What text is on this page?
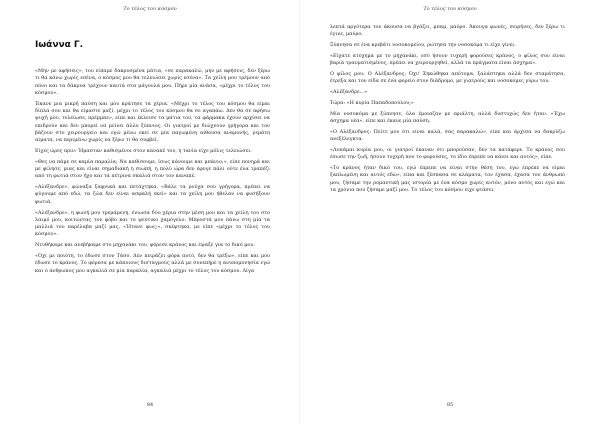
Το τέλος του κόσμου
Ιωάννα Γ.

«Μην με αφήσεις», του είπαμε δακρυσμένα μάτια, «σε παρακαλώ, μην με αφήσεις, δεν ξέρω τι θα κάνω χωρίς εσένα, ο κόσμος μου θα τελειώσει χωρίς εσένα». Τα χείλη μου τρέμουν από πόνο και τα δάκρυα τρέχουν καυτά στα μάγουλά μου. Πήρε μία ανάσα, «μέχρι το τέλος του κόσμου».

Έκανε μια μικρή παύση και μου κράτησε τα χέρια. «Μέχρι το τέλος του κόσμου θα είμαι δίπλα σου και θα είμαστε μαζί, μέχρι το τέλος του κόσμου θα σε αγαπάω. Δεν θα σε αφήσω ψυχή μου, τελείωσε, πρέμμπε», είπε και έκλεισε τα μάτια του, τα φάρμακα έχουν αρχίσει να επιδρούν και δεν μπορεί να μείνει άλλο ξύπνιος. Οι γιατροί με διώχνουν γρήγορα και τον βάζουν στο χειρουργείο και εγώ μένω εκεί σε μία παγωμένη αίθουσα αναμονής, γεμάτη αίματα, να περιμένω χωρίς να ξέρω τι θα συμβεί.

Είχες ώρες πριν: Ήμασταν καθισμένοι στον καναπέ του, η τανία είχε μόλις τελειώσει.

«Θες να πάμε σε καμία παραλία; Να καθίσουμε, ίσως κάνουμε και μπάνιο;», είπε πονηρά και με φίλησε, μιας και είναι σημαδιακή η σιωπή, η πολύ ώρα δεν έφυγε πάλι ούτε ένα τραπέζι από τη φωτιά στον ήχο και τα πέτρινα σκαλιά στον τον καναπέ.

«Αλέξανδρε», φώναξα ξαφνικά και πετάχτηκα. «Βάλε τα ρούχα σου γρήγορα, πρέπει να φύγουμε από εδώ, τα ζώα δεν είναι ασφαλή εκεί» και τα χείλη μου ήθελαν να φυσήξουν φωτιά.

«Αλέξανδρε», η φωνή μου τρεμάμενη, ένιωσα δύο χέρια στην μέση μου και τα χείλη του στο λαιμό μου, κοιτώντας τον φόβο και το ψεύτικο χαμόγελο. Μπροστά μου πάνω στη μία τα μαλλιά του παρέλαβα μαζί μας, «Ήτανε φως;», σκέφτηκα, με είπε «μέχρι το τέλος του κόσμου».

Ντυθήκαμε και ανεβήκαμε στο μηχανάκι του, φόρεσε κράνος και έψαξε για το δικό μου.

«Όχι με ποιότη, το έδωσε στον Τάσο. Δεν πειράζει φόρα αυτό, δεν θα τρέξω», είπε και μου έδωσε το κράνος. Το φόρεσα με κάποιους δισταγμούς αλλά με συνεπήρε η ανυπομονησία εγώ και ο άνθρωπος μου αγκαλιά σε μία παραλία, αγκαλιά μέχρι το τέλος του κόσμου. Λίγα

84
Το τέλος του κόσμου

λεπτά αργότερα τον άκουσα να βγάζει, μπαμ, μαύρο. Άκουγα φωνές, σειρήνες, δεν ξέρω τι έγινε, μαύρο.

Ξύπνησα σε ένα κρεβάτι νοσοκομείου, ρώτησα την νοσοκόμα τι είχε γίνει.

«Είχατε ατύχημα με το μηχανάκι, εσύ ήσουν τυχερή φορούσες κράνος, ο φίλος σου είναι βαριά τραυματισμένος, πρέπει να χειρουργηθεί, αλλά τα πράγματα είναι άσχημα».

Ο φίλος μου; Ο Αλέξανδρος; Όχι! Σηκώθηκα απότομα, ξαλάστηκα αλλά δεν σταμάτησα, έτρεξα και τον είδα σε ένα φορείο στον διάδρομο, με γιατρούς και νοσοκόμες γύρω του.

«Αλέξανδρε...»

Τώρα: «Η κυρία Παπαδοπούλου;»

Μία νοσοκόμα με ξύπνησε, όλα έμοιαζαν με εφιάλτη, αλλά δυστυχώς δεν ήταν. «Έχω άσχημα νέα», είπε και έκανε μία παύση.

«Ο Αλέξανδρος: Πείτε μου ότι είναι καλά, σας παρακαλώ», είπε και άρχισα να δακρύζω ανεξέλεγκτα.

«Λυπάμαι κυρία μου, οι γιατροί έκαναν ότι μπορούσαν, δεν τα κατάφερε. Το κράνος σου έσωσε την ζωή, ήσουν τυχερή που το φορούσες, το ίδιο έπρεπε να κάνει και αυτός», είπε.

«Το κράνος ήταν δικό του, εγώ έπρεπε να είναι στην θέση του, εγώ έπρεπε να είμαι ξαπλωμένη και αυτός εδώ», είπα και ξέσπασα σε κλάματα, τον έχασα, έχασα τον άνθρωπό μου, ζήσαμε την ρομαντική μας ιστορία με ένα κόσμο χωρίς αυτόν, μόνο αυτός και εγώ και τα χρόνια που ζήσαμε μαζί μου. Το τέλος του κόσμου είχε φτάσει.

85
